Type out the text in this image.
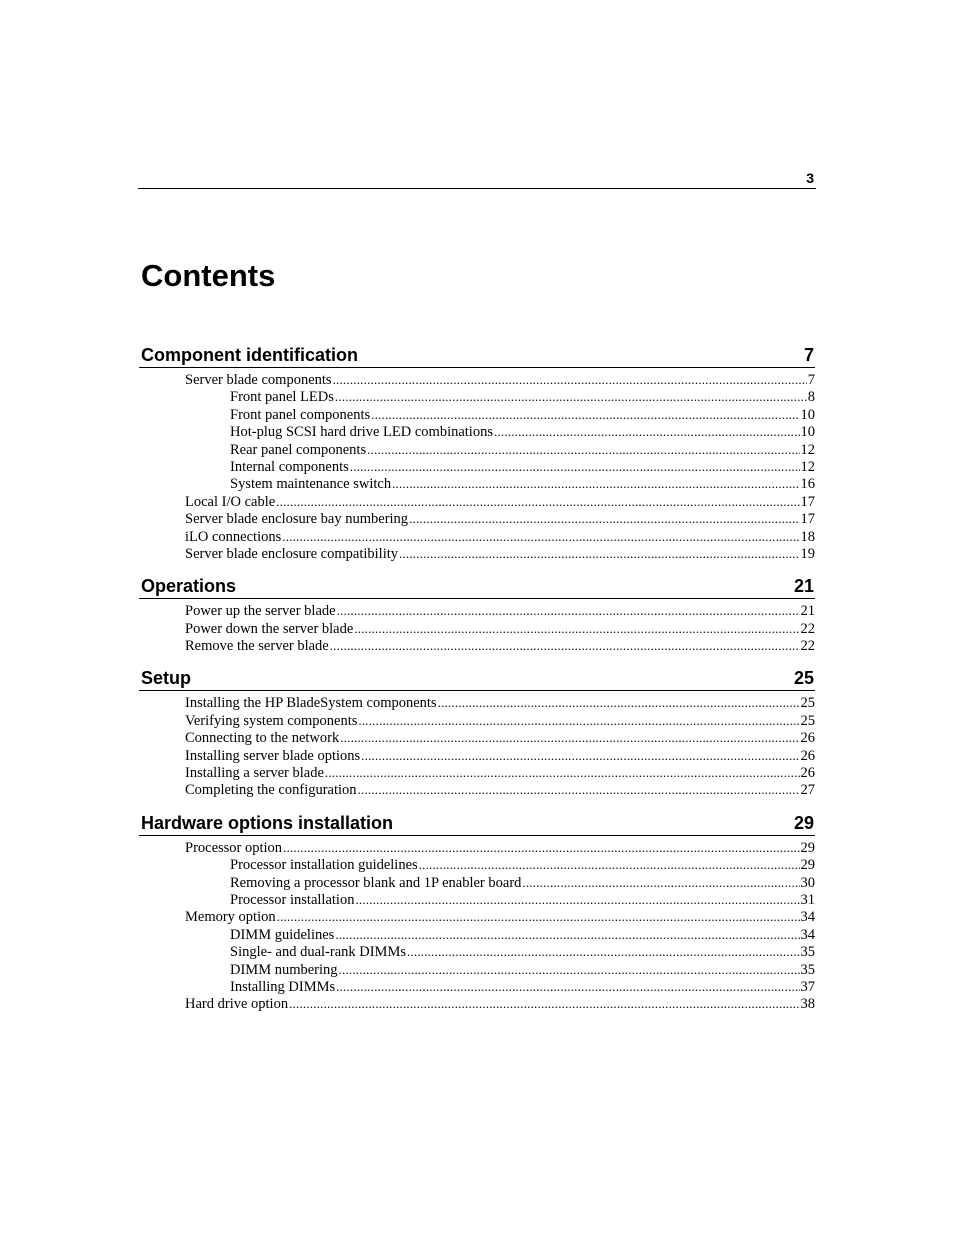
3
Contents
Component identification	7
Server blade components .....	7
Front panel LEDs .....	8
Front panel components .....	10
Hot-plug SCSI hard drive LED combinations .....	10
Rear panel components .....	12
Internal components .....	12
System maintenance switch .....	16
Local I/O cable .....	17
Server blade enclosure bay numbering .....	17
iLO connections .....	18
Server blade enclosure compatibility .....	19
Operations	21
Power up the server blade .....	21
Power down the server blade .....	22
Remove the server blade .....	22
Setup	25
Installing the HP BladeSystem components .....	25
Verifying system components .....	25
Connecting to the network .....	26
Installing server blade options .....	26
Installing a server blade .....	26
Completing the configuration .....	27
Hardware options installation	29
Processor option .....	29
Processor installation guidelines .....	29
Removing a processor blank and 1P enabler board .....	30
Processor installation .....	31
Memory option .....	34
DIMM guidelines .....	34
Single- and dual-rank DIMMs .....	35
DIMM numbering .....	35
Installing DIMMs .....	37
Hard drive option .....	38
